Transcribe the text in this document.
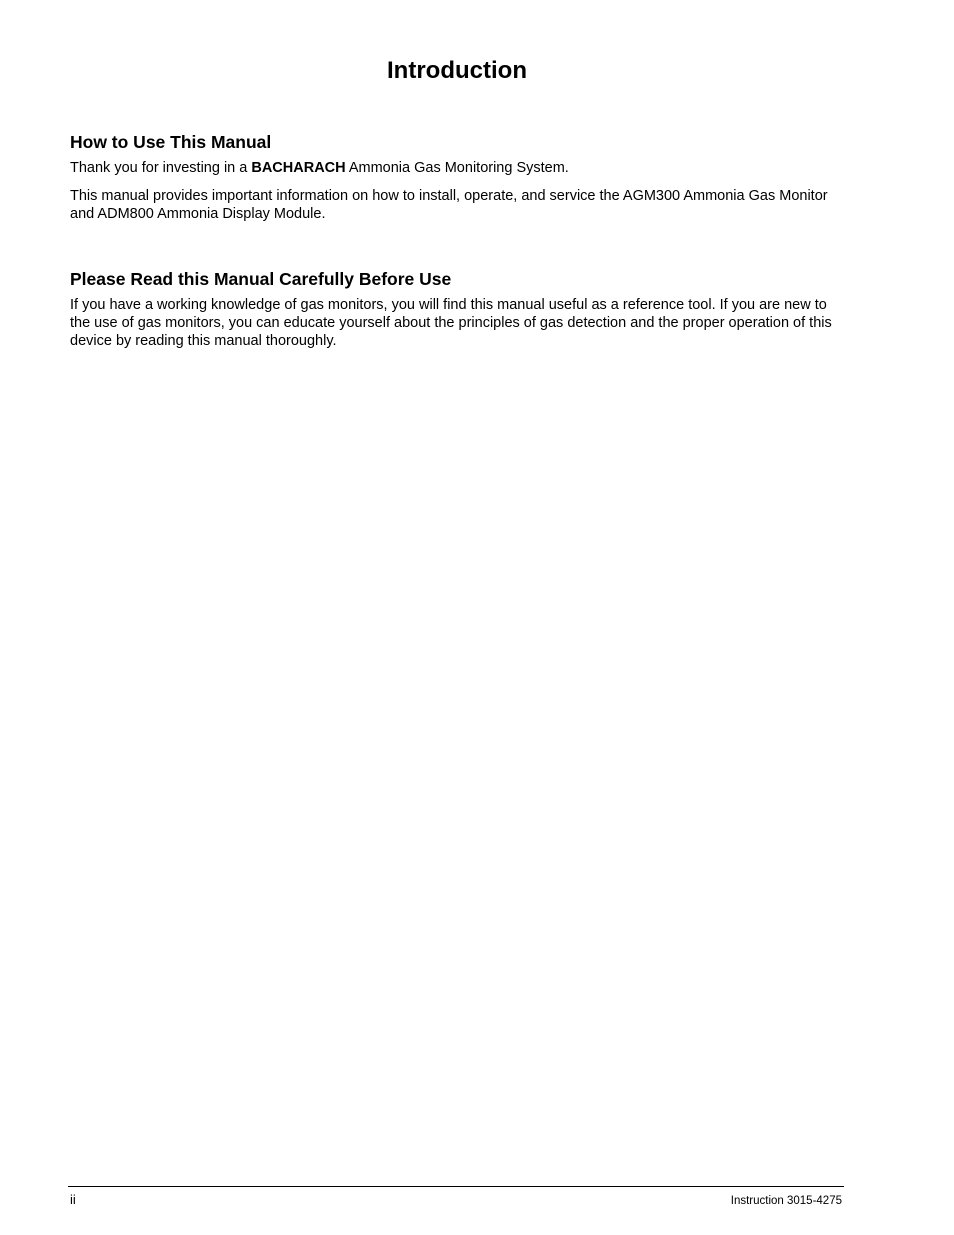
Introduction
How to Use This Manual

Thank you for investing in a BACHARACH Ammonia Gas Monitoring System.

This manual provides important information on how to install, operate, and service the AGM300 Ammonia Gas Monitor and ADM800 Ammonia Display Module.

Please Read this Manual Carefully Before Use

If you have a working knowledge of gas monitors, you will find this manual useful as a reference tool. If you are new to the use of gas monitors, you can educate yourself about the principles of gas detection and the proper operation of this device by reading this manual thoroughly.

ii	Instruction 3015-4275
